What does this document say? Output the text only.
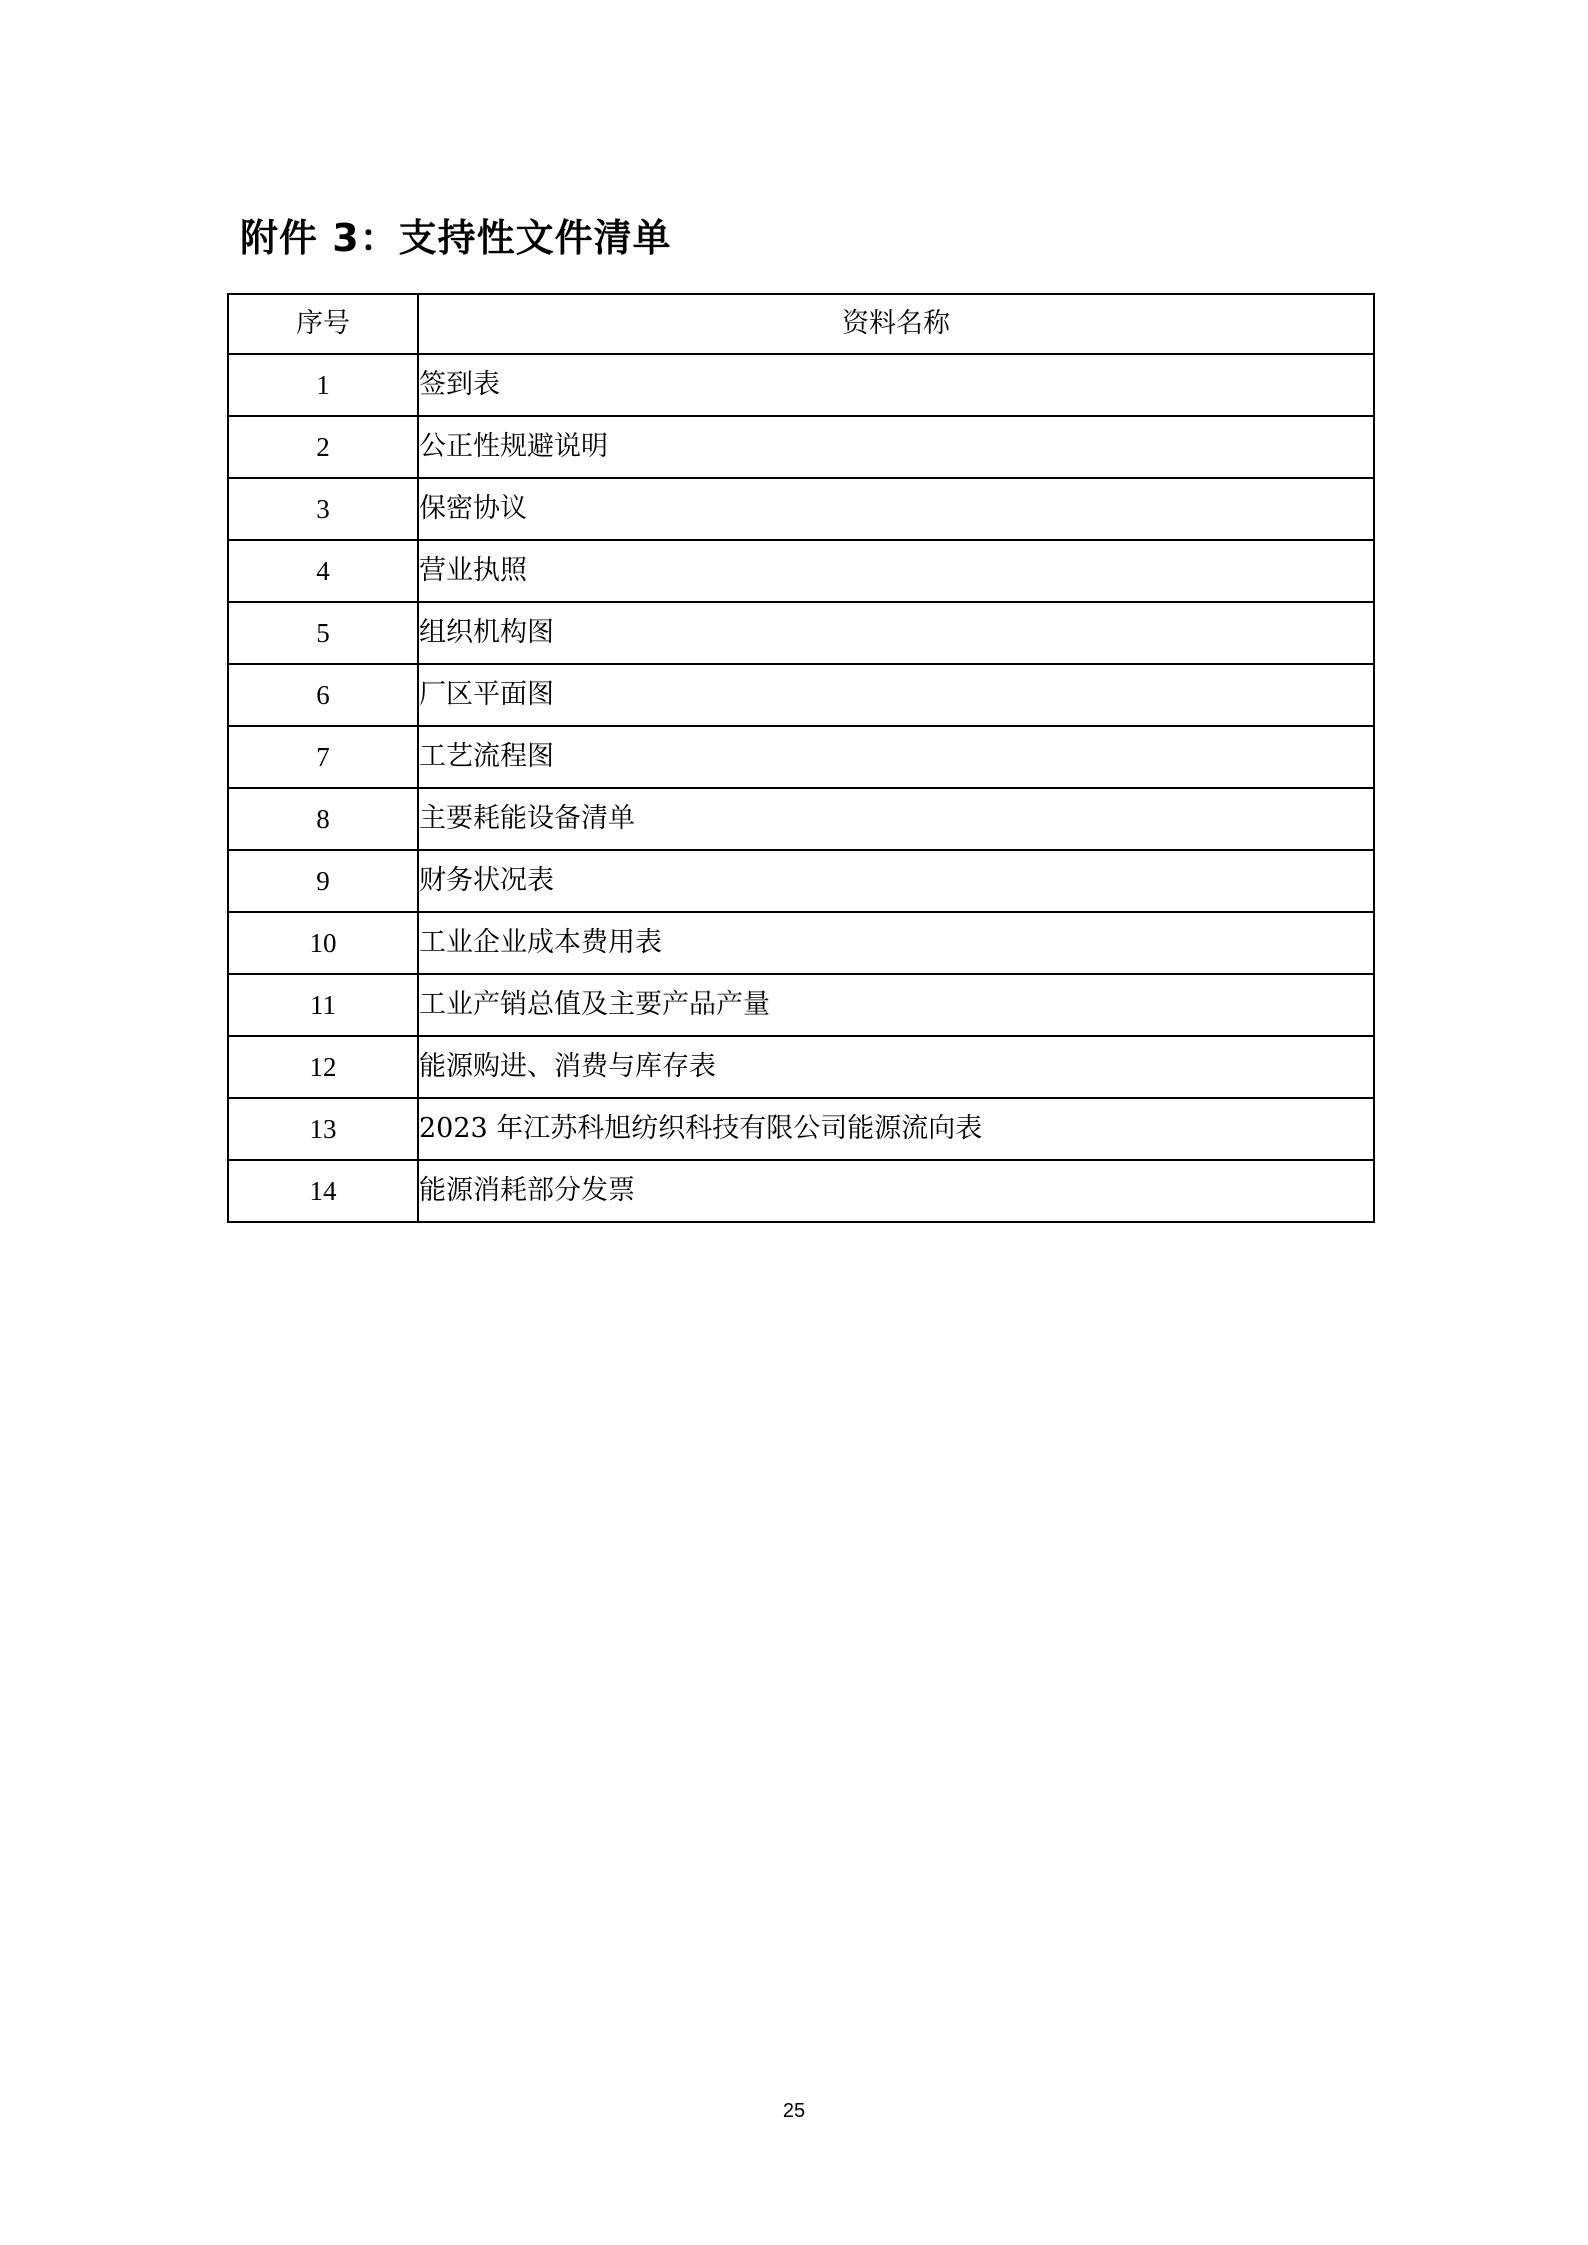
附件 3：支持性文件清单
序号	资料名称
1	签到表
2	公正性规避说明
3	保密协议
4	营业执照
5	组织机构图
6	厂区平面图
7	工艺流程图
8	主要耗能设备清单
9	财务状况表
10	工业企业成本费用表
11	工业产销总值及主要产品产量
12	能源购进、消费与库存表
13	2023 年江苏科旭纺织科技有限公司能源流向表
14	能源消耗部分发票
25
